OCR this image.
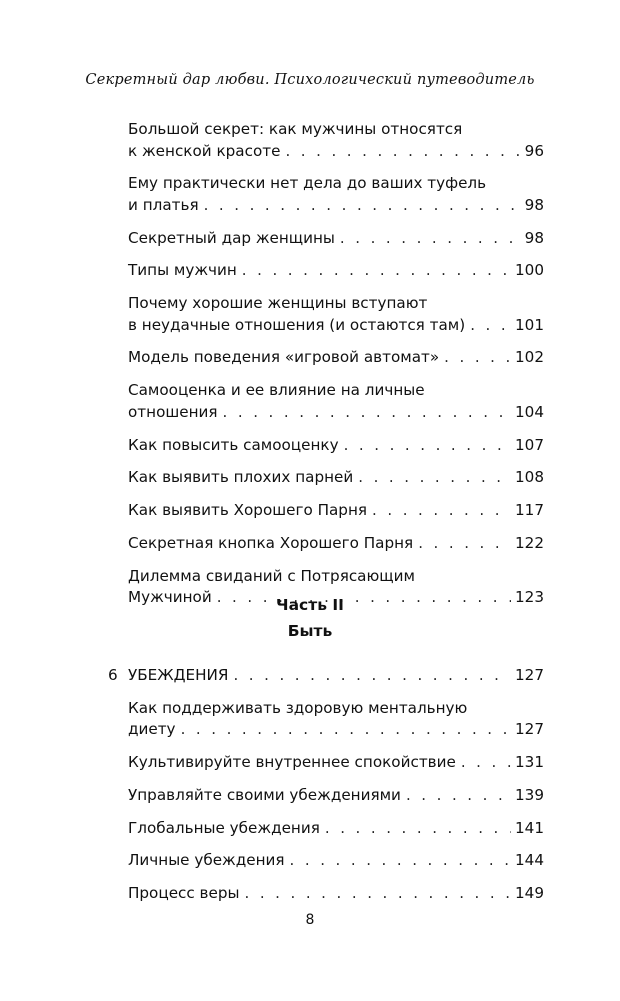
Секретный дар любви. Психологический путеводитель
Большой секрет: как мужчины относятся
к женской красоте . . .	96
Ему практически нет дела до ваших туфель
и платья . . .	98
Секретный дар женщины . . .	98
Типы мужчин . . .	100
Почему хорошие женщины вступают
в неудачные отношения (и остаются там) . . .	101
Модель поведения «игровой автомат» . . .	102
Самооценка и ее влияние на личные
отношения . . .	104
Как повысить самооценку . . .	107
Как выявить плохих парней . . .	108
Как выявить Хорошего Парня . . .	117
Секретная кнопка Хорошего Парня . . .	122
Дилемма свиданий с Потрясающим
Мужчиной . . .	123
Часть II
Быть
6 УБЕЖДЕНИЯ . . .	127
Как поддерживать здоровую ментальную
диету . . .	127
Культивируйте внутреннее спокойствие . . .	131
Управляйте своими убеждениями . . .	139
Глобальные убеждения . . .	141
Личные убеждения . . .	144
Процесс веры . . .	149
8
